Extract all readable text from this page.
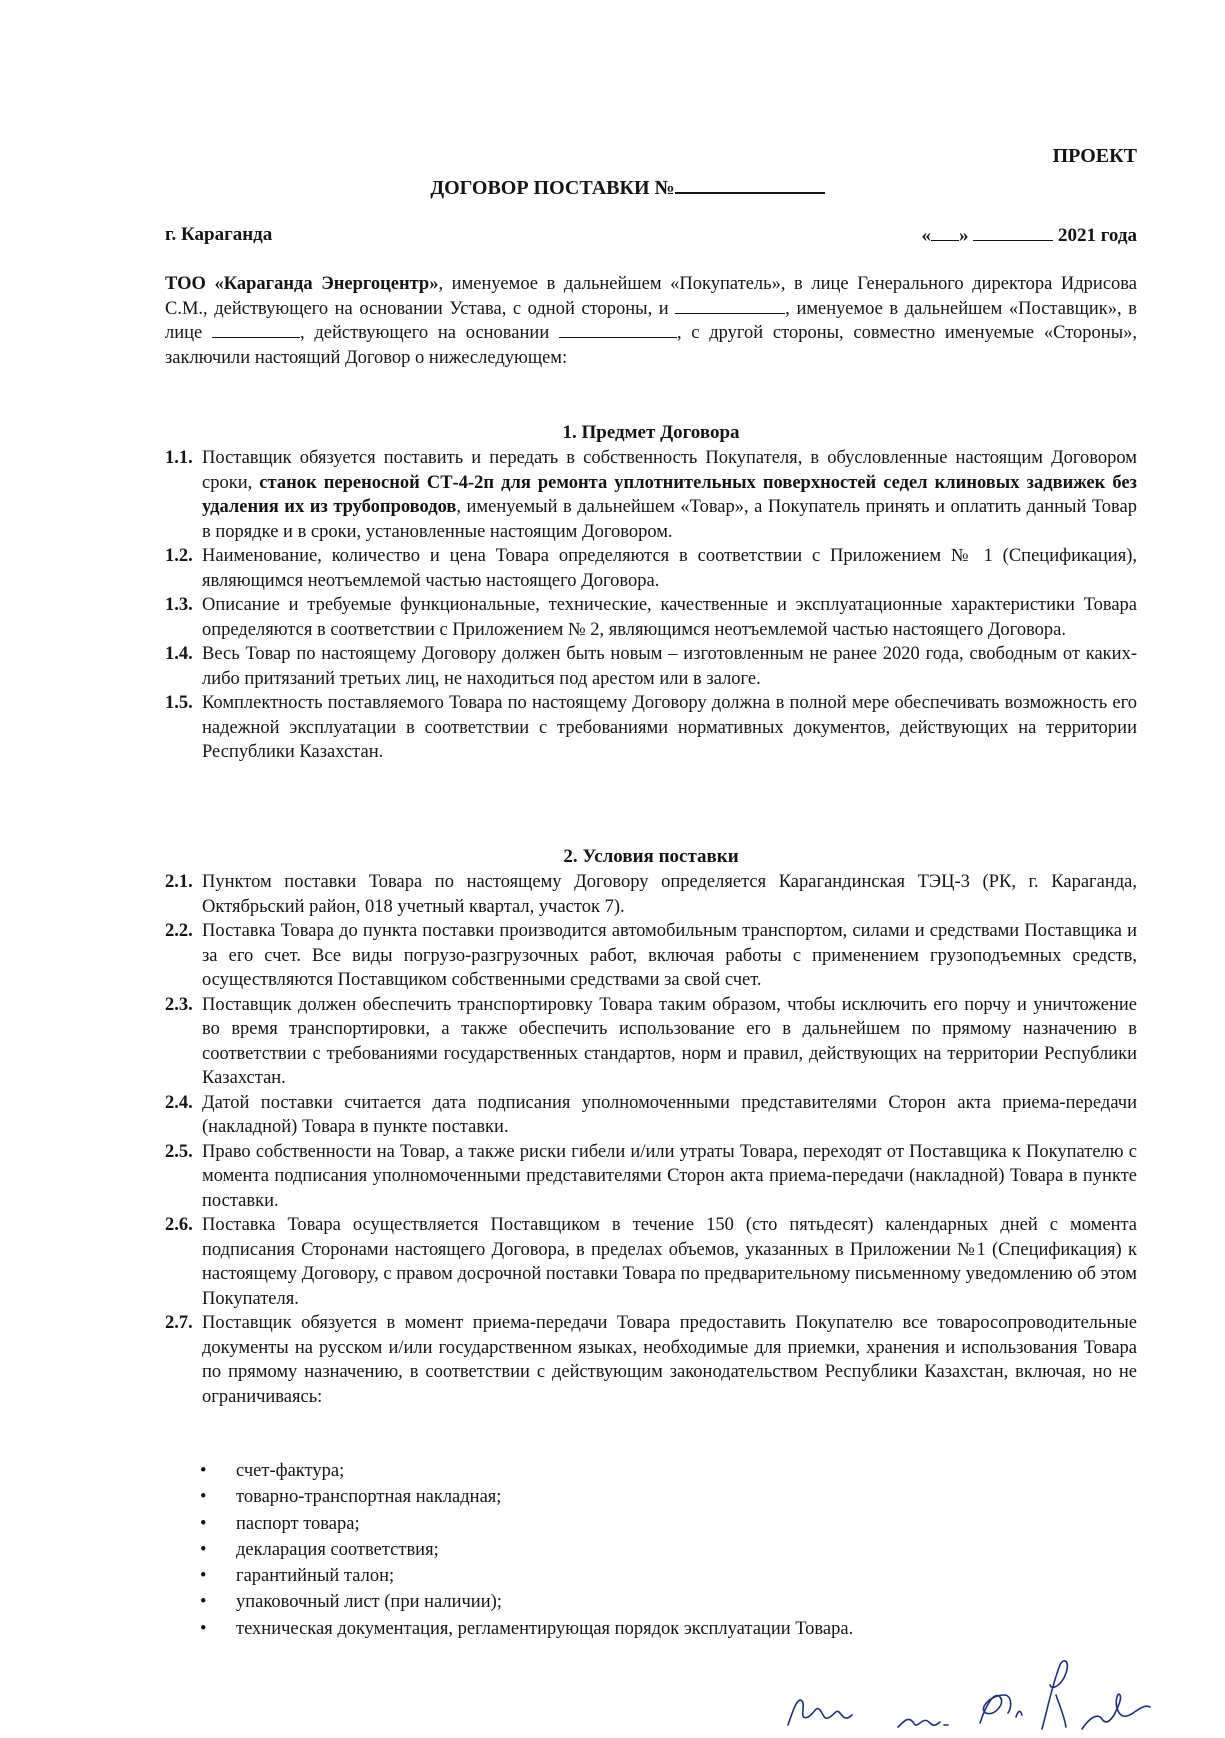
ПРОЕКТ
ДОГОВОР ПОСТАВКИ №
г. Караганда	« »	2021 года
ТОО «Караганда Энергоцентр», именуемое в дальнейшем «Покупатель», в лице Генерального директора Идрисова С.М., действующего на основании Устава, с одной стороны, и	, именуемое в дальнейшем «Поставщик», в лице	, действующего на основании	, с другой стороны, совместно именуемые «Стороны», заключили настоящий Договор о нижеследующем:
1. Предмет Договора
1.1. Поставщик обязуется поставить и передать в собственность Покупателя, в обусловленные настоящим Договором сроки, станок переносной СТ-4-2п для ремонта уплотнительных поверхностей седел клиновых задвижек без удаления их из трубопроводов, именуемый в дальнейшем «Товар», а Покупатель принять и оплатить данный Товар в порядке и в сроки, установленные настоящим Договором.
1.2. Наименование, количество и цена Товара определяются в соответствии с Приложением № 1 (Спецификация), являющимся неотъемлемой частью настоящего Договора.
1.3. Описание и требуемые функциональные, технические, качественные и эксплуатационные характеристики Товара определяются в соответствии с Приложением № 2, являющимся неотъемлемой частью настоящего Договора.
1.4. Весь Товар по настоящему Договору должен быть новым – изготовленным не ранее 2020 года, свободным от каких-либо притязаний третьих лиц, не находиться под арестом или в залоге.
1.5. Комплектность поставляемого Товара по настоящему Договору должна в полной мере обеспечивать возможность его надежной эксплуатации в соответствии с требованиями нормативных документов, действующих на территории Республики Казахстан.
2. Условия поставки
2.1. Пунктом поставки Товара по настоящему Договору определяется Карагандинская ТЭЦ-3 (РК, г. Караганда, Октябрьский район, 018 учетный квартал, участок 7).
2.2. Поставка Товара до пункта поставки производится автомобильным транспортом, силами и средствами Поставщика и за его счет. Все виды погрузо-разгрузочных работ, включая работы с применением грузоподъемных средств, осуществляются Поставщиком собственными средствами за свой счет.
2.3. Поставщик должен обеспечить транспортировку Товара таким образом, чтобы исключить его порчу и уничтожение во время транспортировки, а также обеспечить использование его в дальнейшем по прямому назначению в соответствии с требованиями государственных стандартов, норм и правил, действующих на территории Республики Казахстан.
2.4. Датой поставки считается дата подписания уполномоченными представителями Сторон акта приема-передачи (накладной) Товара в пункте поставки.
2.5. Право собственности на Товар, а также риски гибели и/или утраты Товара, переходят от Поставщика к Покупателю с момента подписания уполномоченными представителями Сторон акта приема-передачи (накладной) Товара в пункте поставки.
2.6. Поставка Товара осуществляется Поставщиком в течение 150 (сто пятьдесят) календарных дней с момента подписания Сторонами настоящего Договора, в пределах объемов, указанных в Приложении №1 (Спецификация) к настоящему Договору, с правом досрочной поставки Товара по предварительному письменному уведомлению об этом Покупателя.
2.7. Поставщик обязуется в момент приема-передачи Товара предоставить Покупателю все товаросопроводительные документы на русском и/или государственном языках, необходимые для приемки, хранения и использования Товара по прямому назначению, в соответствии с действующим законодательством Республики Казахстан, включая, но не ограничиваясь:
• счет-фактура;
• товарно-транспортная накладная;
• паспорт товара;
• декларация соответствия;
• гарантийный талон;
• упаковочный лист (при наличии);
• техническая документация, регламентирующая порядок эксплуатации Товара.
